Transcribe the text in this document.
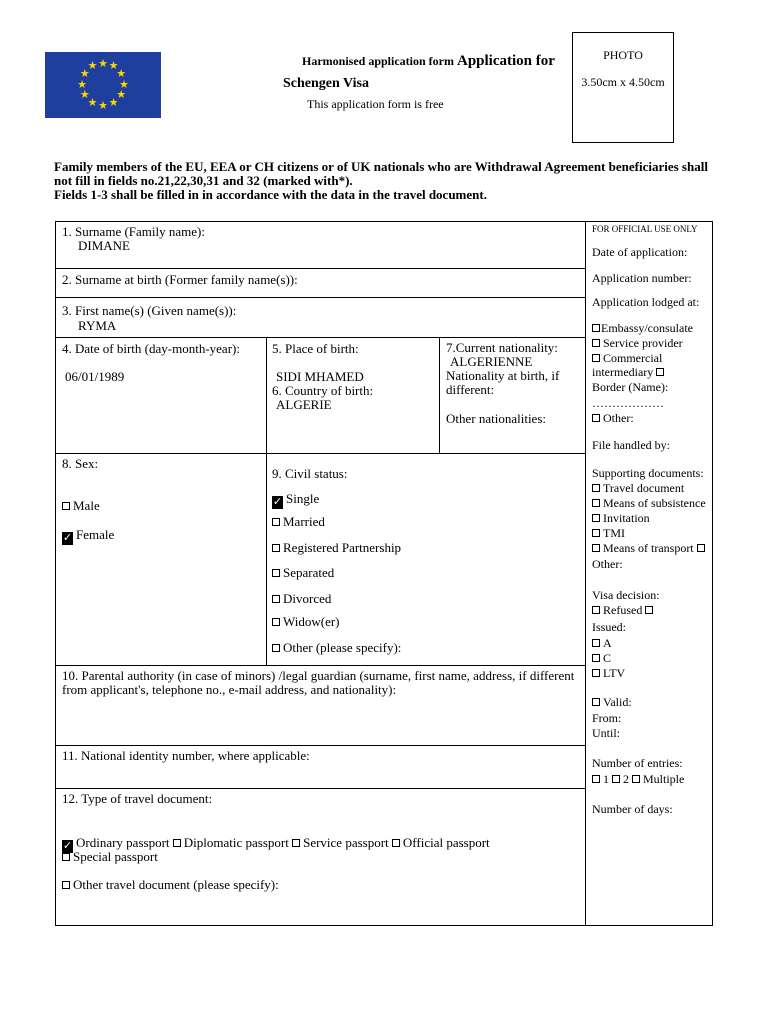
★ ★
★
★
★
★
★
★
★
★
★
★	Harmonised application form Application for
Schengen Visa
This application form is free
PHOTO
3.50cm x 4.50cm
Family members of the EU, EEA or CH citizens or of UK nationals who are Withdrawal Agreement beneficiaries shall
not fill in fields no.21,22,30,31 and 32 (marked with*).
Fields 1-3 shall be filled in in accordance with the data in the travel document.
1. Surname (Family name):
DIMANE
2. Surname at birth (Former family name(s)):
3. First name(s) (Given name(s)):
RYMA
4. Date of birth (day-month-year):
06/01/1989
5. Place of birth:
SIDI MHAMED
6. Country of birth:
ALGERIE
7.Current nationality:
ALGERIENNE
Nationality at birth, if
different:
Other nationalities:
8. Sex:
Male
✓ Female
9. Civil status:
✓ Single
Married
Registered Partnership
Separated
Divorced
Widow(er)
Other (please specify):
10. Parental authority (in case of minors) /legal guardian (surname, first name, address, if different
from applicant's, telephone no., e-mail address, and nationality):
11. National identity number, where applicable:
12. Type of travel document:
✓ Ordinary passport Diplomatic passport Service passport Official passport
Special passport
Other travel document (please specify):
FOR OFFICIAL USE ONLY
Date of application:
Application number:
Application lodged at:
Embassy/consulate
Service provider
Commercial
intermediary
Border (Name):
………………
Other:
File handled by:
Supporting documents:
Travel document
Means of subsistence
Invitation
TMI
Means of transport
Other:
Visa decision:
Refused
Issued:
A
C
LTV
Valid:
From:
Until:
Number of entries:
1 2 Multiple
Number of days:
